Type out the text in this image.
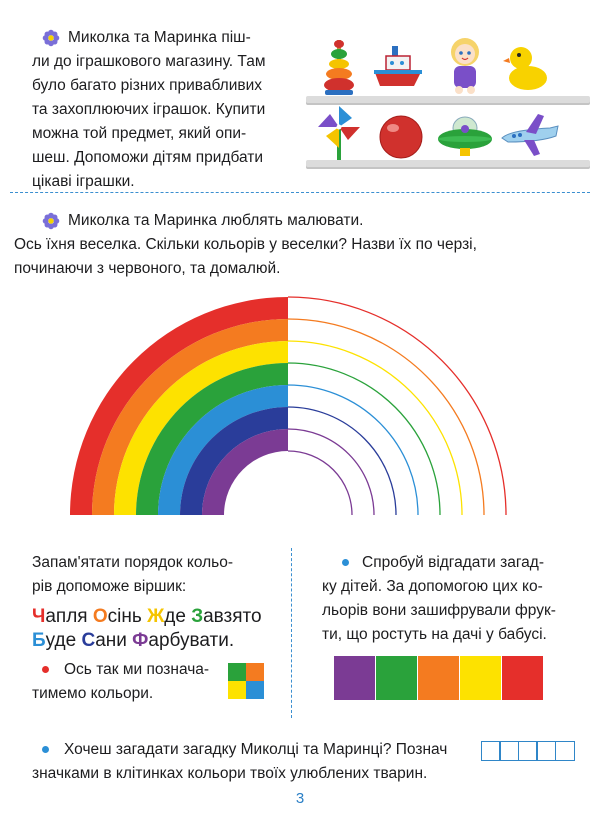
Миколка та Маринка пiш-

ли до iграшкового магазину. Там

було багато рiзних привабливих

та захоплюючих iграшок. Купити

можна той предмет, який опи-

шеш. Допоможи дiтям придбати

цiкавi iграшки.

Миколка та Маринка люблять малювати.

Ось їхня веселка. Скiльки кольорiв у веселки? Назви їх по черзi,

починаючи з червоного, та домалюй.

Запам'ятати порядок кольо-

рiв допоможе вiршик:

Чапля Осiнь Жде Завзято
Буде Сани Фарбувати.

Ось так ми познача-

тимемо кольори.

Спробуй вiдгадати загад-

ку дiтей. За допомогою цих ко-

льорiв вони зашифрували фрук-

ти, що ростуть на дачi у бабусi.

Хочеш загадати загадку Миколцi та Маринцi? Познач

значками в клiтинках кольори твоїх улюблених тварин.

3
